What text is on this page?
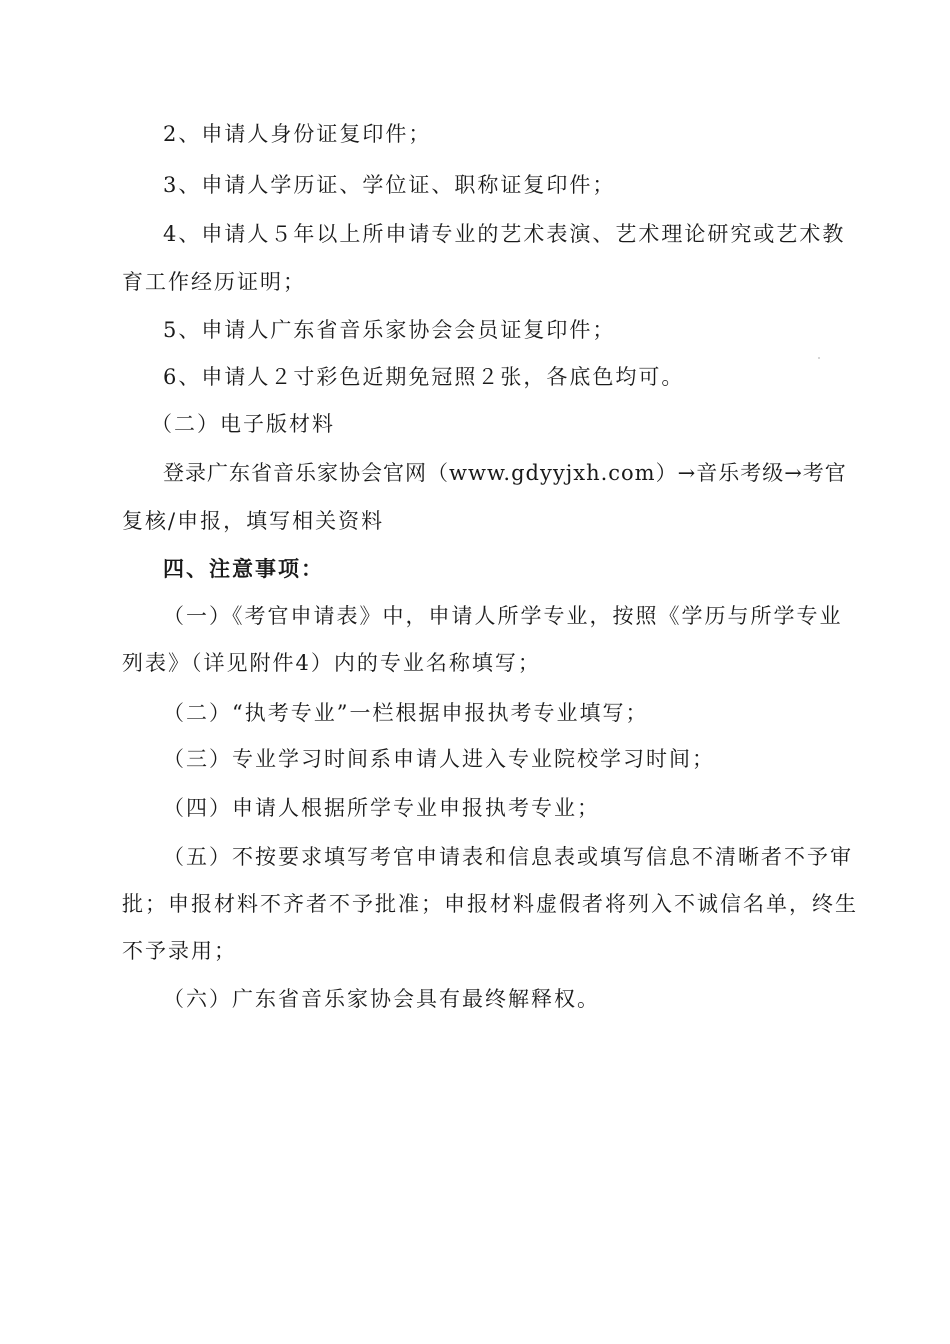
2、申请人身份证复印件；
3、申请人学历证、学位证、职称证复印件；
4、申请人５年以上所申请专业的艺术表演、艺术理论研究或艺术教
育工作经历证明；
5、申请人广东省音乐家协会会员证复印件；
6、申请人２寸彩色近期免冠照２张，各底色均可。
（二）电子版材料
登录广东省音乐家协会官网（www.gdyyjxh.com）→音乐考级→考官
复核/申报，填写相关资料
四、注意事项：
（一）《考官申请表》中，申请人所学专业，按照《学历与所学专业
列表》（详见附件4）内的专业名称填写；
（二）“执考专业”一栏根据申报执考专业填写；
（三）专业学习时间系申请人进入专业院校学习时间；
（四）申请人根据所学专业申报执考专业；
（五）不按要求填写考官申请表和信息表或填写信息不清晰者不予审
批；申报材料不齐者不予批准；申报材料虚假者将列入不诚信名单，终生
不予录用；
（六）广东省音乐家协会具有最终解释权。
